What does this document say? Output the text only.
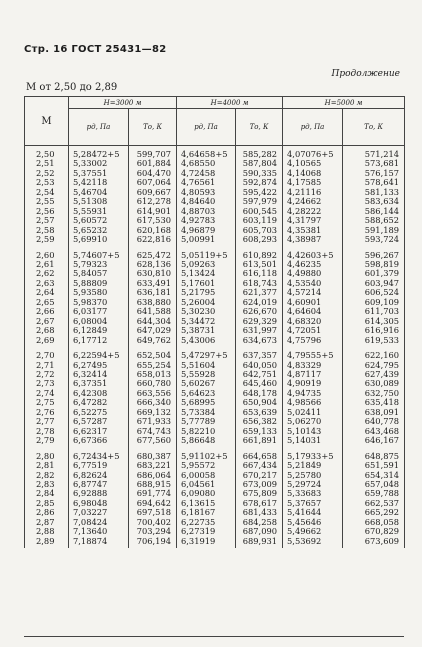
Стр. 16 ГОСТ 25431—82
Продолжение
М от 2,50 до 2,89
М	H=3000 м		H=4000 м		H=5000 м	
	pд, Па	Tо, К	pд, Па	Tо, К	pд, Па	Tо, К
2,50	5,28472+5	599,707	4,64658+5	585,282	4,07076+5	571,214
2,51	5,33002	601,884	4,68550	587,804	4,10565	573,681
2,52	5,37551	604,470	4,72458	590,335	4,14068	576,157
2,53	5,42118	607,064	4,76561	592,874	4,17585	578,641
2,54	5,46704	609,667	4,80593	595,422	4,21116	581,133
2,55	5,51308	612,278	4,84640	597,979	4,24662	583,634
2,56	5,55931	614,901	4,88703	600,545	4,28222	586,144
2,57	5,60572	617,530	4,92783	603,119	4,31797	588,652
2,58	5,65232	620,168	4,96879	605,703	4,35381	591,189
2,59	5,69910	622,816	5,00991	608,293	4,38987	593,724
2,60	5,74607+5	625,472	5,05119+5	610,892	4,42603+5	596,267
2,61	5,79323	628,136	5,09263	613,501	4,46235	598,819
2,62	5,84057	630,810	5,13424	616,118	4,49880	601,379
2,63	5,88809	633,491	5,17601	618,743	4,53540	603,947
2,64	5,93580	636,181	5,21795	621,377	4,57214	606,524
2,65	5,98370	638,880	5,26004	624,019	4,60901	609,109
2,66	6,03177	641,588	5,30230	626,670	4,64604	611,703
2,67	6,08004	644,304	5,34472	629,329	4,68320	614,305
2,68	6,12849	647,029	5,38731	631,997	4,72051	616,916
2,69	6,17712	649,762	5,43006	634,673	4,75796	619,533
2,70	6,22594+5	652,504	5,47297+5	637,357	4,79555+5	622,160
2,71	6,27495	655,254	5,51604	640,050	4,83329	624,795
2,72	6,32414	658,013	5,55928	642,751	4,87117	627,439
2,73	6,37351	660,780	5,60267	645,460	4,90919	630,089
2,74	6,42308	663,556	5,64623	648,178	4,94735	632,750
2,75	6,47282	666,340	5,68995	650,904	4,98566	635,418
2,76	6,52275	669,132	5,73384	653,639	5,02411	638,091
2,77	6,57287	671,933	5,77789	656,382	5,06270	640,778
2,78	6,62317	674,743	5,82210	659,133	5,10143	643,468
2,79	6,67366	677,560	5,86648	661,891	5,14031	646,167
2,80	6,72434+5	680,387	5,91102+5	664,658	5,17933+5	648,875
2,81	6,77519	683,221	5,95572	667,434	5,21849	651,591
2,82	6,82624	686,064	6,00058	670,217	5,25780	654,314
2,83	6,87747	688,915	6,04561	673,009	5,29724	657,048
2,84	6,92888	691,774	6,09080	675,809	5,33683	659,788
2,85	6,98048	694,642	6,13615	678,617	5,37657	662,537
2,86	7,03227	697,518	6,18167	681,433	5,41644	665,292
2,87	7,08424	700,402	6,22735	684,258	5,45646	668,058
2,88	7,13640	703,294	6,27319	687,090	5,49662	670,829
2,89	7,18874	706,194	6,31919	689,931	5,53692	673,609
